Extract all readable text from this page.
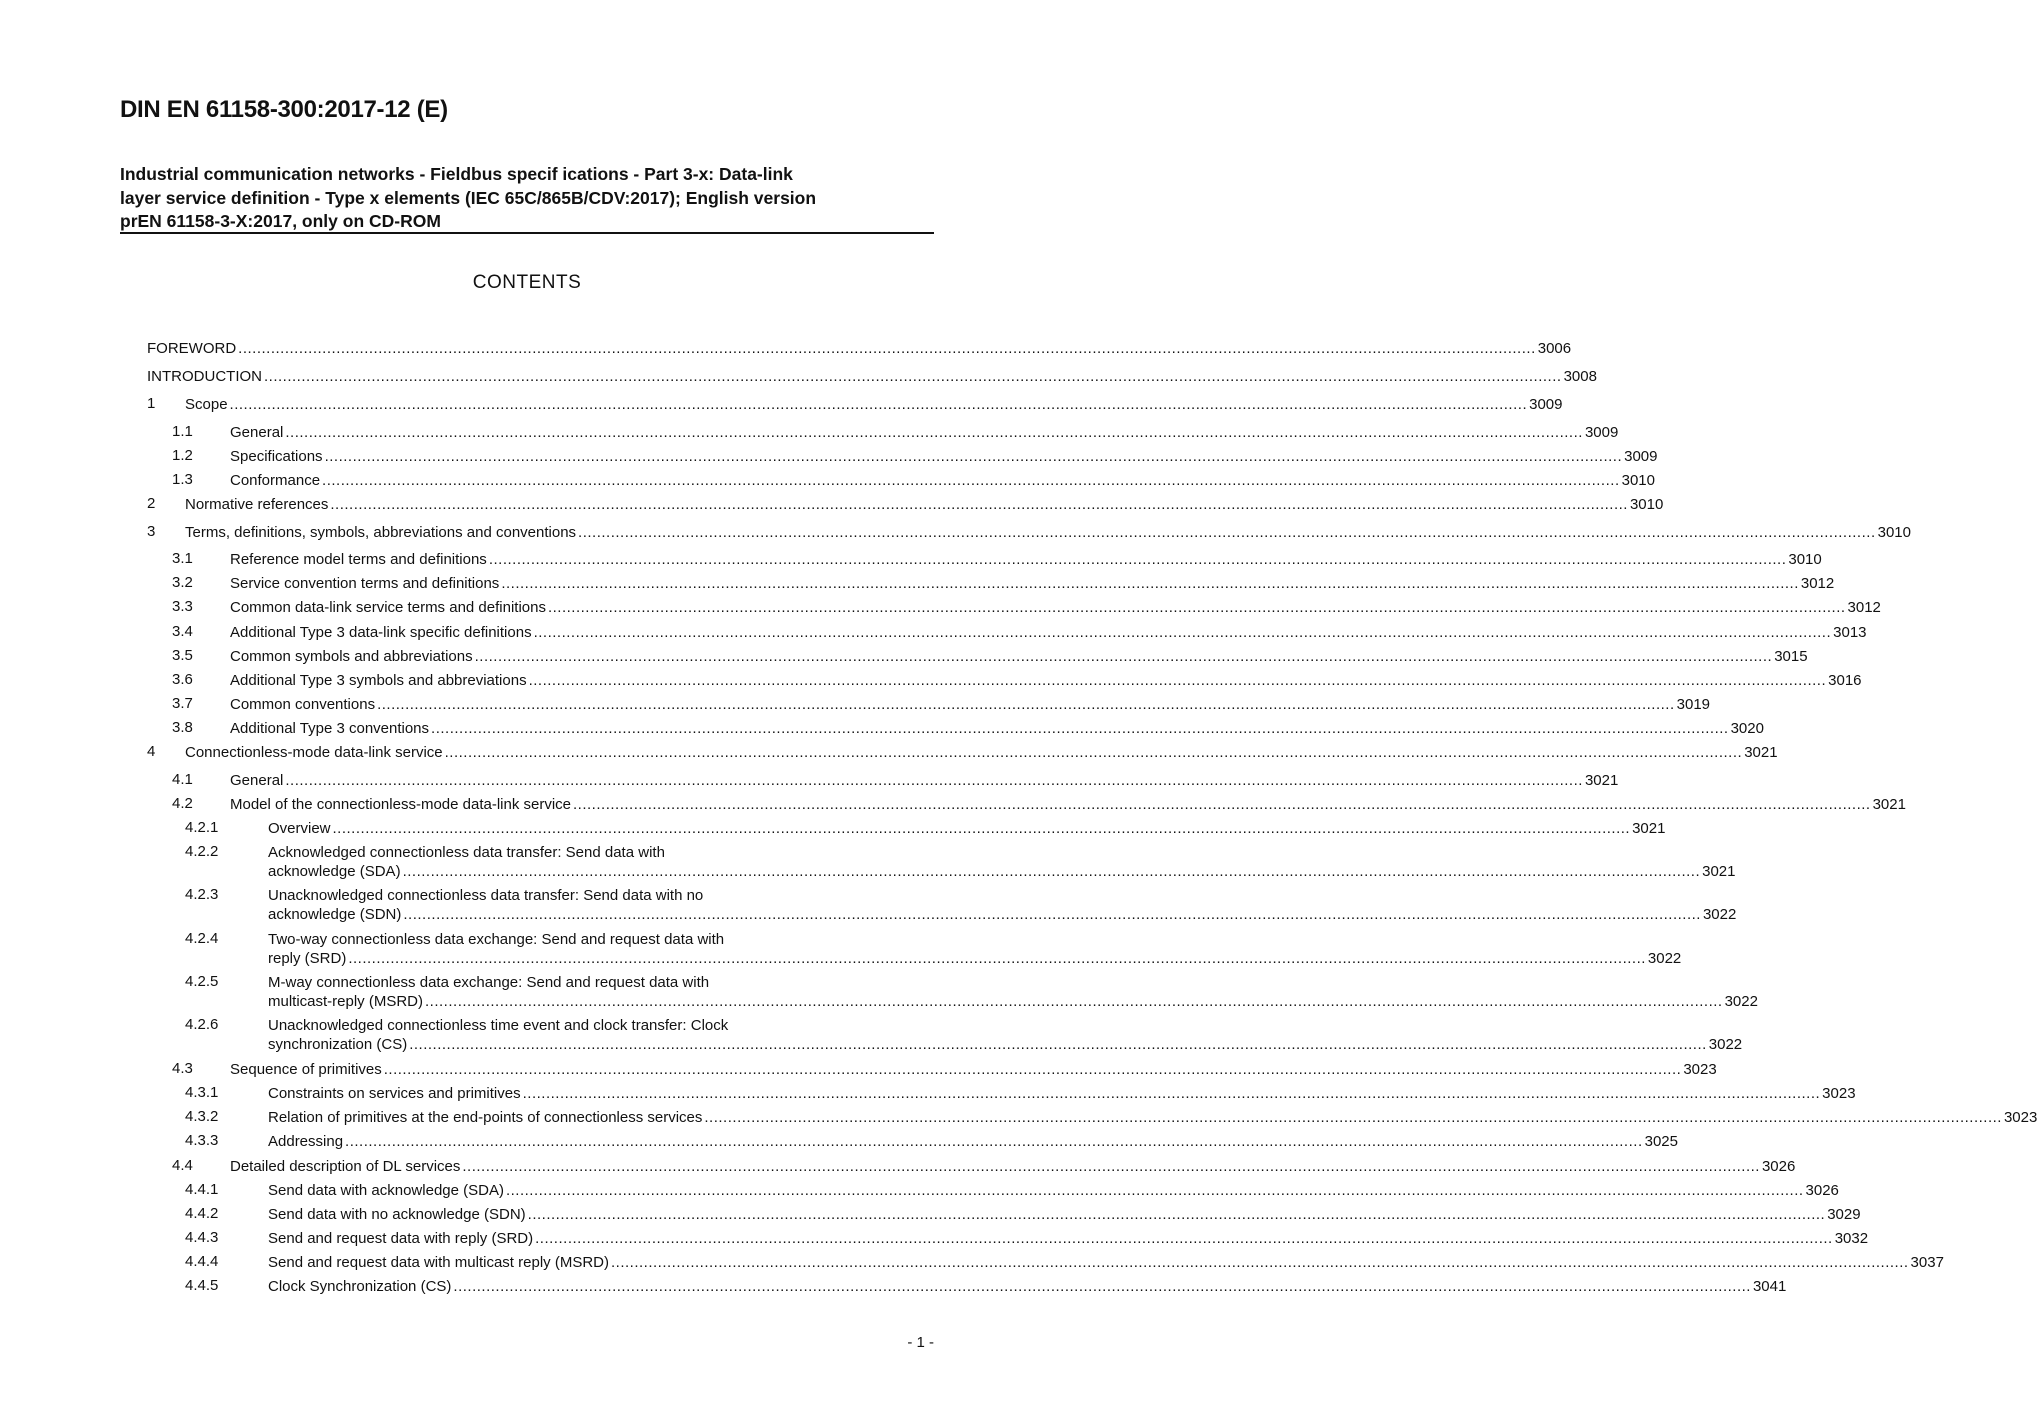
DIN EN 61158-300:2017-12 (E)
Industrial communication networks - Fieldbus specif ications - Part 3-x: Data-link
layer service definition - Type x elements (IEC 65C/865B/CDV:2017); English version
prEN 61158-3-X:2017, only on CD-ROM
CONTENTS
FOREWORD .....	3006
INTRODUCTION .....	3008
1 Scope .....	3009
1.1 General .....	3009
1.2 Specifications .....	3009
1.3 Conformance .....	3010
2 Normative references .....	3010
3 Terms, definitions, symbols, abbreviations and conventions .....	3010
3.1 Reference model terms and definitions .....	3010
3.2 Service convention terms and definitions .....	3012
3.3 Common data-link service terms and definitions .....	3012
3.4 Additional Type 3 data-link specific definitions .....	3013
3.5 Common symbols and abbreviations .....	3015
3.6 Additional Type 3 symbols and abbreviations .....	3016
3.7 Common conventions .....	3019
3.8 Additional Type 3 conventions .....	3020
4 Connectionless-mode data-link service .....	3021
4.1 General .....	3021
4.2 Model of the connectionless-mode data-link service .....	3021
4.2.1	Overview .....	3021
4.2.2	Acknowledged connectionless data transfer: Send data with
acknowledge (SDA) .....	3021
4.2.3	Unacknowledged connectionless data transfer: Send data with no
acknowledge (SDN) .....	3022
4.2.4	Two-way connectionless data exchange: Send and request data with
reply (SRD) .....	3022
4.2.5	M-way connectionless data exchange: Send and request data with
multicast-reply (MSRD) .....	3022
4.2.6	Unacknowledged connectionless time event and clock transfer: Clock
synchronization (CS) .....	3022
4.3 Sequence of primitives .....	3023
4.3.1	Constraints on services and primitives .....	3023
4.3.2	Relation of primitives at the end-points of connectionless services .....	3023
4.3.3	Addressing .....	3025
4.4 Detailed description of DL services .....	3026
4.4.1	Send data with acknowledge (SDA) .....	3026
4.4.2	Send data with no acknowledge (SDN) .....	3029
4.4.3	Send and request data with reply (SRD) .....	3032
4.4.4	Send and request data with multicast reply (MSRD) .....	3037
4.4.5	Clock Synchronization (CS) .....	3041
- 1 -
